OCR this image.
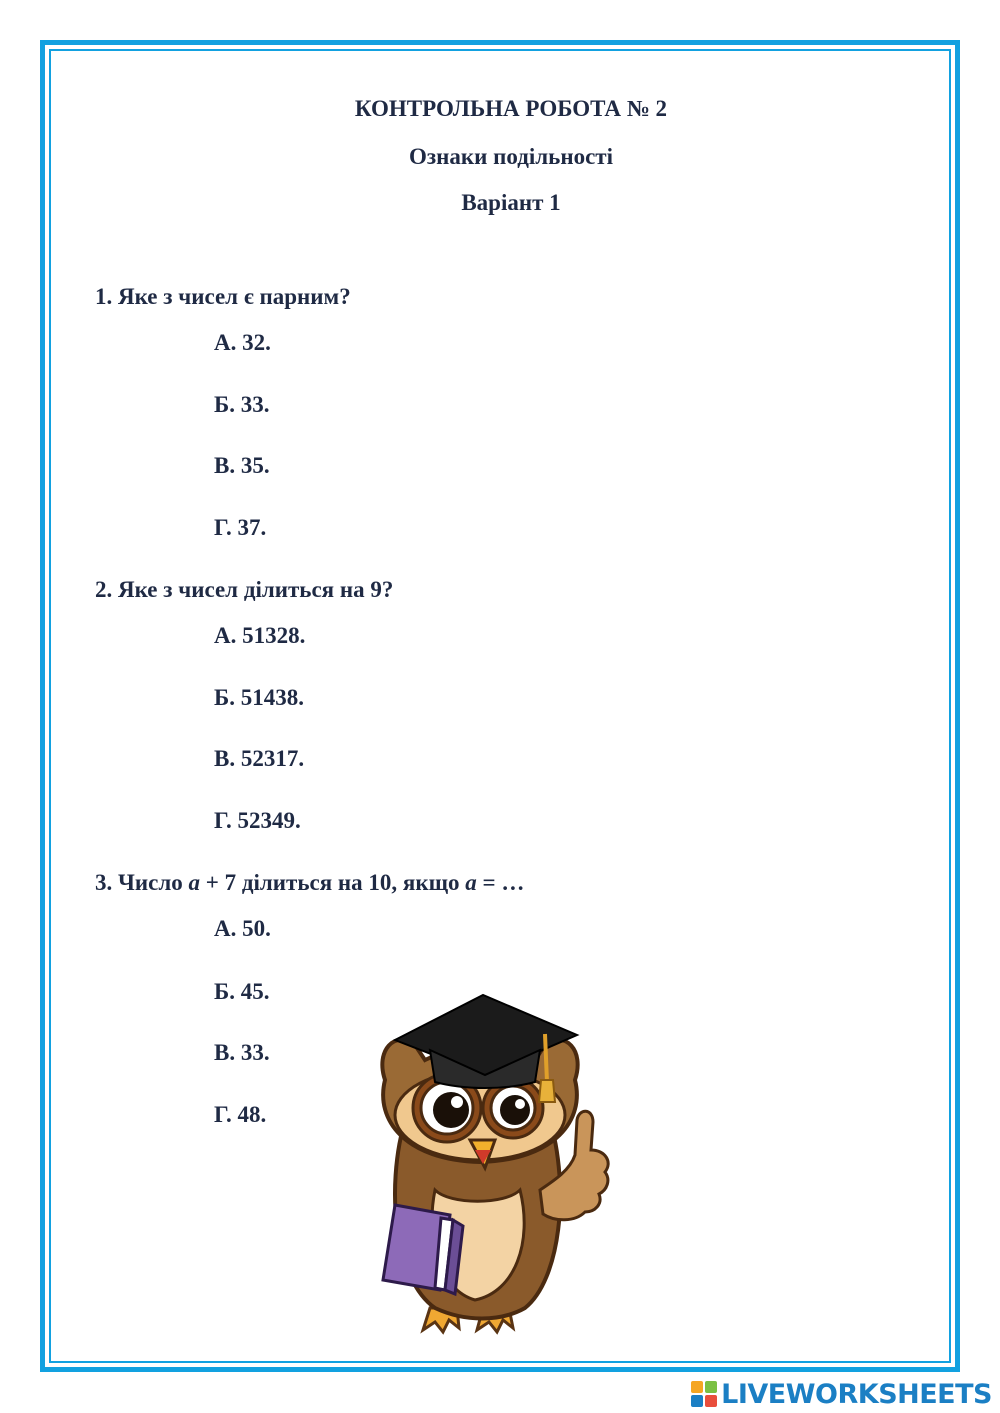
КОНТРОЛЬНА РОБОТА № 2
Ознаки подільності
Варіант 1

1. Яке з чисел є парним?

А. 32.

Б. 33.

В. 35.

Г. 37.

2. Яке з чисел ділиться на 9?

А. 51328.

Б. 51438.

В. 52317.

Г. 52349.

3. Число a + 7 ділиться на 10, якщо a = …

А. 50.

Б. 45.

В. 33.

Г. 48.

LIVEWORKSHEETS
